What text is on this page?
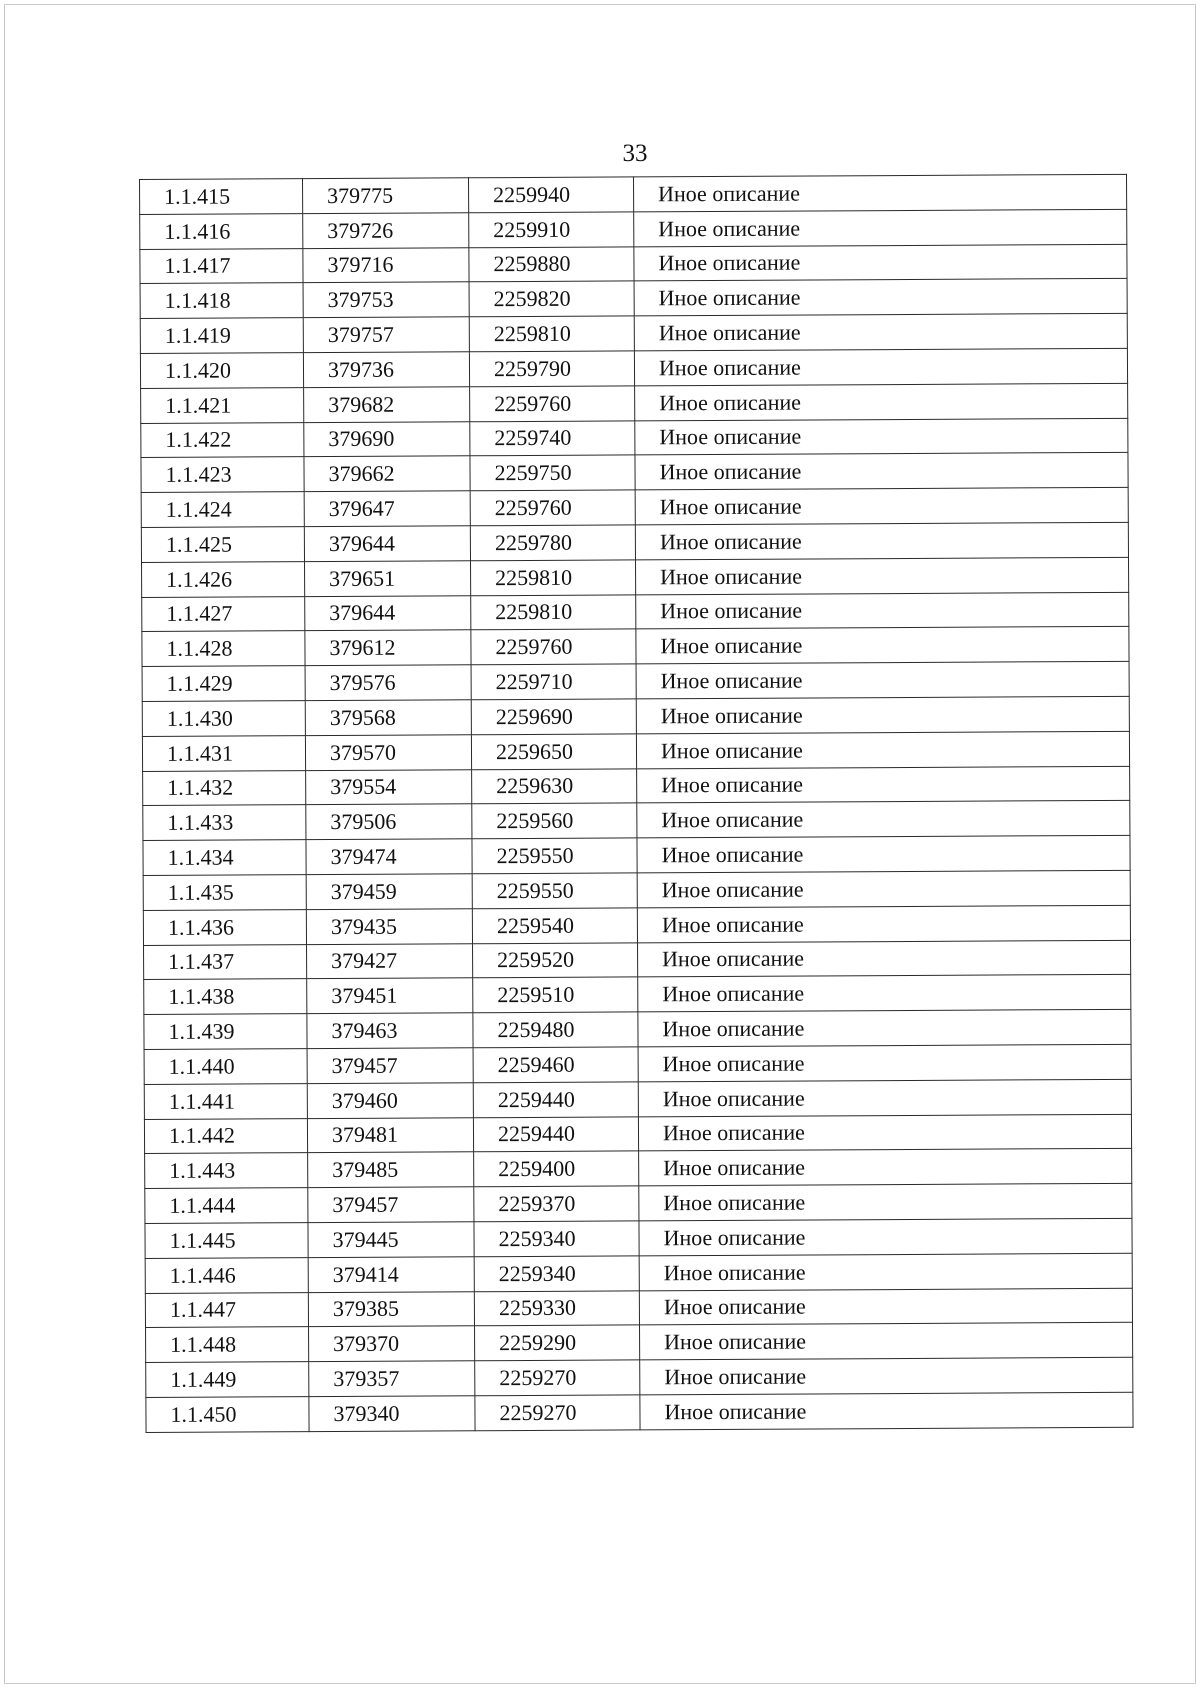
33
1.1.415	379775	2259940	Иное описание
1.1.416	379726	2259910	Иное описание
1.1.417	379716	2259880	Иное описание
1.1.418	379753	2259820	Иное описание
1.1.419	379757	2259810	Иное описание
1.1.420	379736	2259790	Иное описание
1.1.421	379682	2259760	Иное описание
1.1.422	379690	2259740	Иное описание
1.1.423	379662	2259750	Иное описание
1.1.424	379647	2259760	Иное описание
1.1.425	379644	2259780	Иное описание
1.1.426	379651	2259810	Иное описание
1.1.427	379644	2259810	Иное описание
1.1.428	379612	2259760	Иное описание
1.1.429	379576	2259710	Иное описание
1.1.430	379568	2259690	Иное описание
1.1.431	379570	2259650	Иное описание
1.1.432	379554	2259630	Иное описание
1.1.433	379506	2259560	Иное описание
1.1.434	379474	2259550	Иное описание
1.1.435	379459	2259550	Иное описание
1.1.436	379435	2259540	Иное описание
1.1.437	379427	2259520	Иное описание
1.1.438	379451	2259510	Иное описание
1.1.439	379463	2259480	Иное описание
1.1.440	379457	2259460	Иное описание
1.1.441	379460	2259440	Иное описание
1.1.442	379481	2259440	Иное описание
1.1.443	379485	2259400	Иное описание
1.1.444	379457	2259370	Иное описание
1.1.445	379445	2259340	Иное описание
1.1.446	379414	2259340	Иное описание
1.1.447	379385	2259330	Иное описание
1.1.448	379370	2259290	Иное описание
1.1.449	379357	2259270	Иное описание
1.1.450	379340	2259270	Иное описание
